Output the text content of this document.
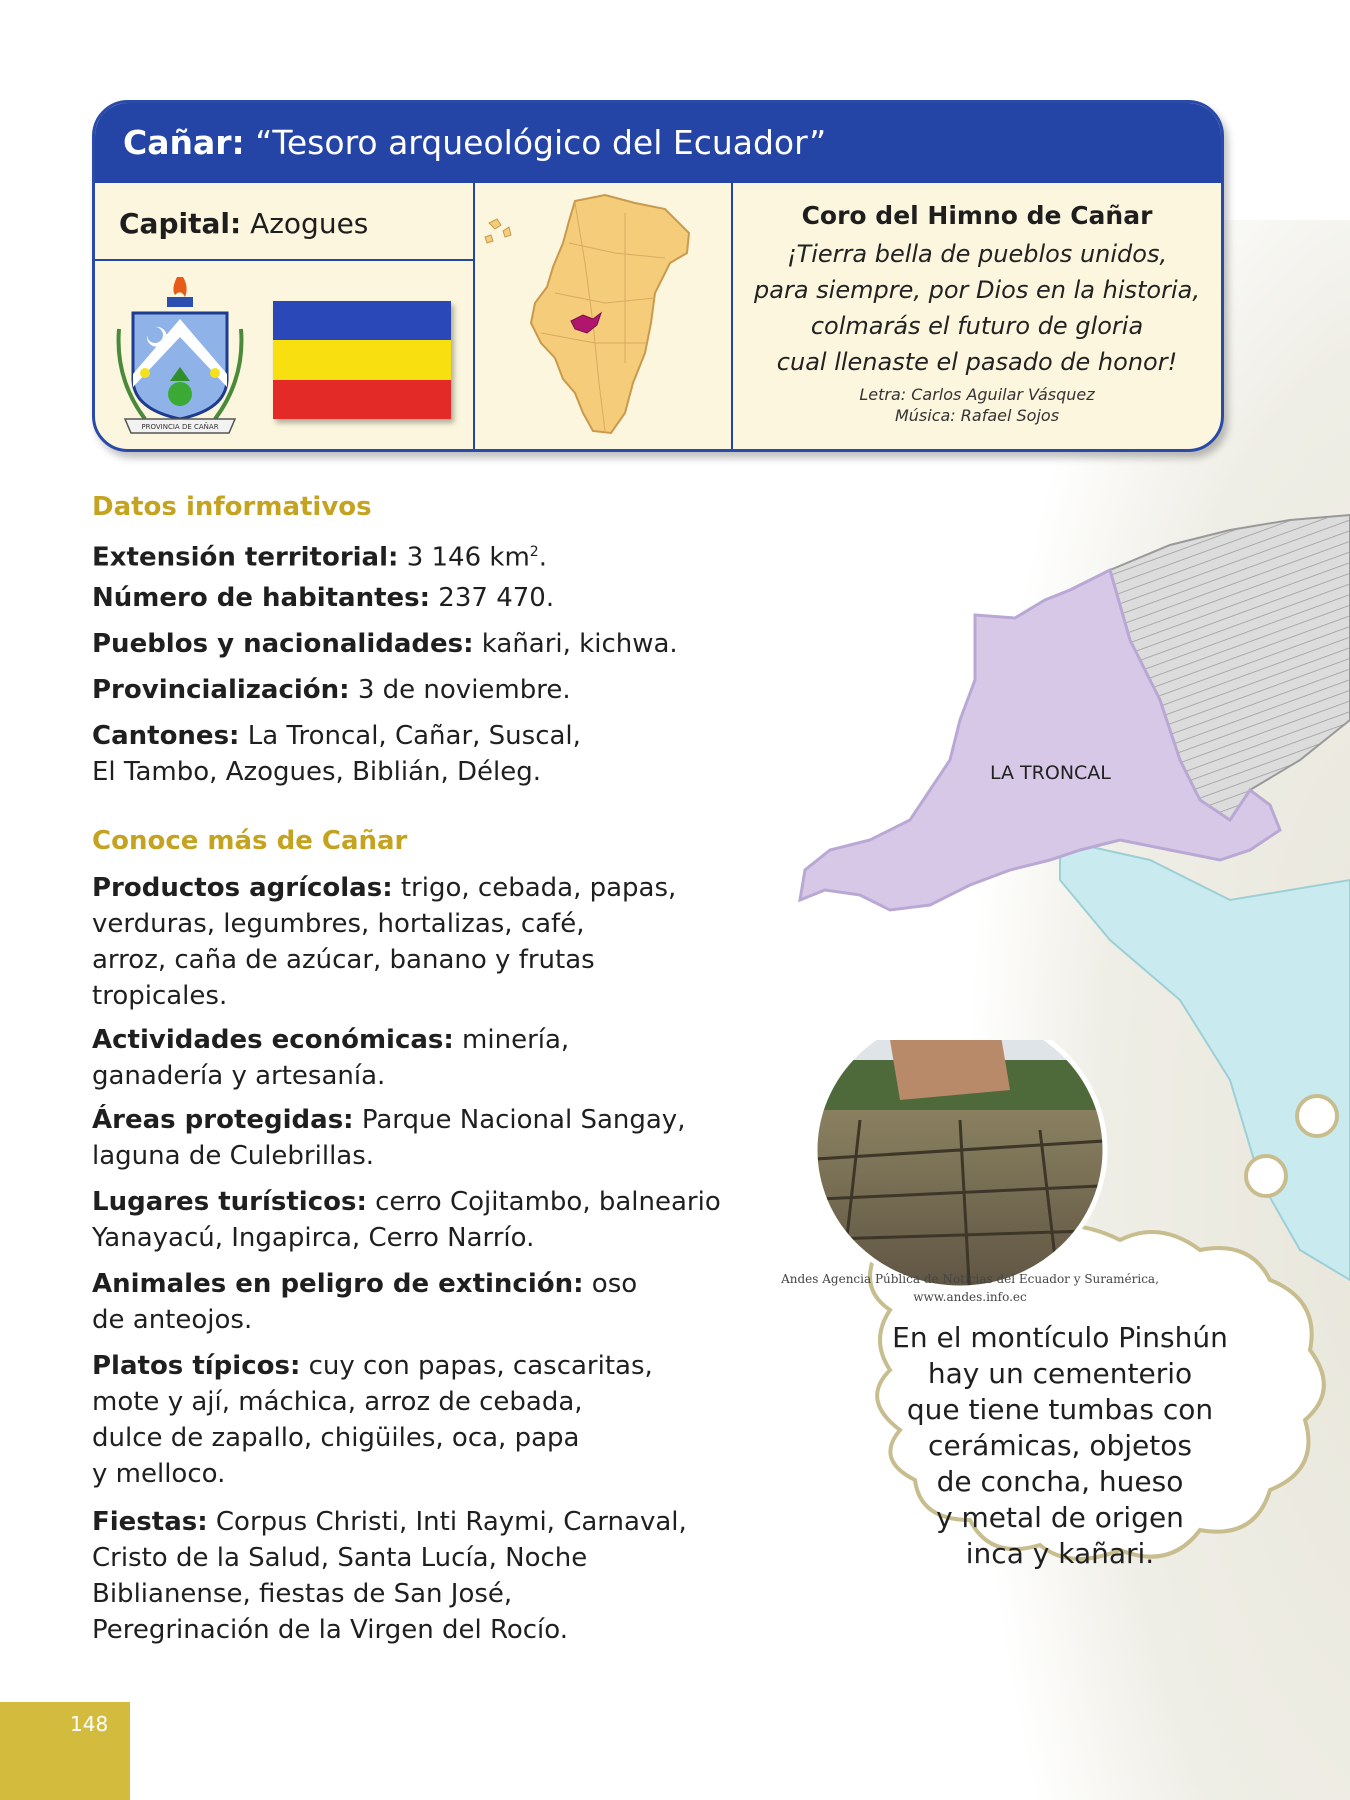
Cañar: “Tesoro arqueológico del Ecuador”
Capital: Azogues
PROVINCIA DE CAÑAR
Coro del Himno de Cañar
¡Tierra bella de pueblos unidos,
para siempre, por Dios en la historia,
colmarás el futuro de gloria
cual llenaste el pasado de honor!
Letra: Carlos Aguilar Vásquez
Música: Rafael Sojos
Datos informativos
Extensión territorial: 3 146 $km^2$.
Número de habitantes: 237 470.
Pueblos y nacionalidades: kañari, kichwa.
Provincialización: 3 de noviembre.
Cantones: La Troncal, Cañar, Suscal,
El Tambo, Azogues, Biblián, Déleg.
Conoce más de Cañar
Productos agrícolas: trigo, cebada, papas,
verduras, legumbres, hortalizas, café,
arroz, caña de azúcar, banano y frutas
tropicales.
Actividades económicas: minería,
ganadería y artesanía.
Áreas protegidas: Parque Nacional Sangay,
laguna de Culebrillas.
Lugares turísticos: cerro Cojitambo, balneario
Yanayacú, Ingapirca, Cerro Narrío.
Animales en peligro de extinción: oso
de anteojos.
Platos típicos: cuy con papas, cascaritas,
mote y ají, máchica, arroz de cebada,
dulce de zapallo, chigüiles, oca, papa
y melloco.
Fiestas: Corpus Christi, Inti Raymi, Carnaval,
Cristo de la Salud, Santa Lucía, Noche
Biblianense, fiestas de San José,
Peregrinación de la Virgen del Rocío.
LA TRONCAL
Andes Agencia Pública de Noticias del Ecuador y Suramérica,
www.andes.info.ec
En el montículo Pinshún
hay un cementerio
que tiene tumbas con
cerámicas, objetos
de concha, hueso
y metal de origen
inca y kañari.
148
